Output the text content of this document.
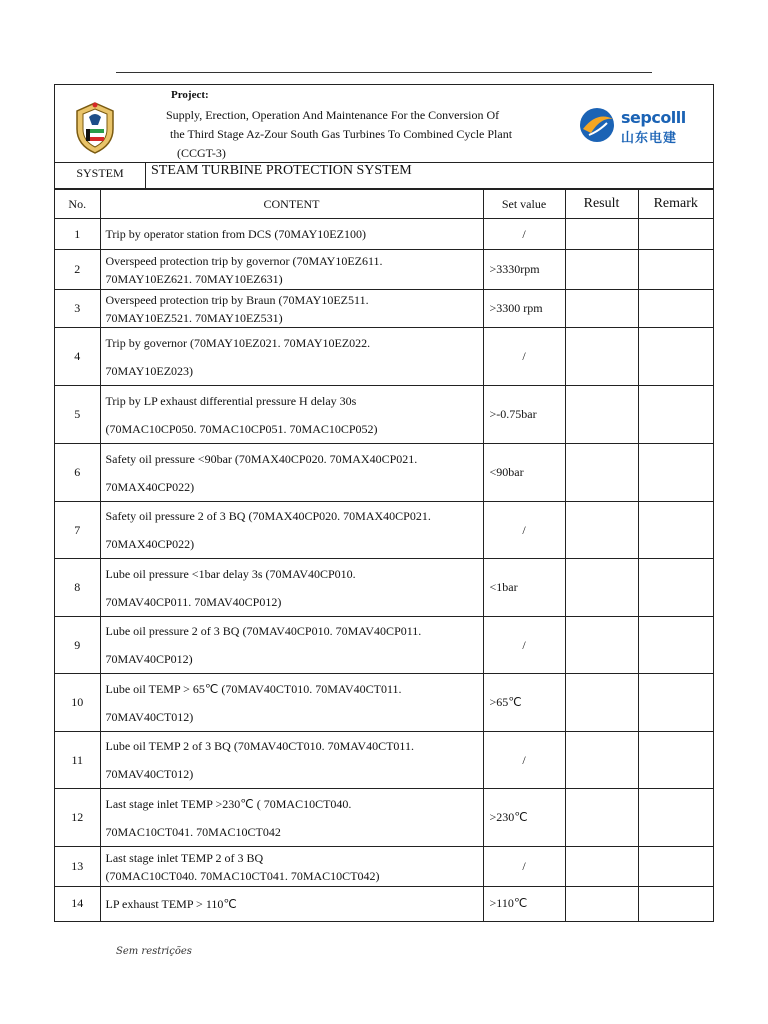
Project:
Supply, Erection, Operation And Maintenance For the Conversion Of
the Third Stage Az-Zour South Gas Turbines To Combined Cycle Plant
(CCGT-3)
sepcolll
山东电建
SYSTEM	STEAM TURBINE PROTECTION SYSTEM
No.	CONTENT	Set value	Result	Remark
1	Trip by operator station from DCS (70MAY10EZ100)	/		
2	Overspeed protection trip by governor (70MAY10EZ611.
70MAY10EZ621. 70MAY10EZ631)	>3330rpm		
3	Overspeed protection trip by Braun (70MAY10EZ511.
70MAY10EZ521. 70MAY10EZ531)	>3300 rpm		
4	Trip by governor (70MAY10EZ021. 70MAY10EZ022.
70MAY10EZ023)	/		
5	Trip by LP exhaust differential pressure H delay 30s
(70MAC10CP050. 70MAC10CP051. 70MAC10CP052)	>-0.75bar		
6	Safety oil pressure <90bar (70MAX40CP020. 70MAX40CP021.
70MAX40CP022)	<90bar		
7	Safety oil pressure 2 of 3 BQ (70MAX40CP020. 70MAX40CP021.
70MAX40CP022)	/		
8	Lube oil pressure <1bar delay 3s (70MAV40CP010.
70MAV40CP011. 70MAV40CP012)	<1bar		
9	Lube oil pressure 2 of 3 BQ (70MAV40CP010. 70MAV40CP011.
70MAV40CP012)	/		
10	Lube oil TEMP > 65℃ (70MAV40CT010. 70MAV40CT011.
70MAV40CT012)	>65℃		
11	Lube oil TEMP 2 of 3 BQ (70MAV40CT010. 70MAV40CT011.
70MAV40CT012)	/		
12	Last stage inlet TEMP >230℃ ( 70MAC10CT040.
70MAC10CT041. 70MAC10CT042	>230℃		
13	Last stage inlet TEMP 2 of 3 BQ
(70MAC10CT040. 70MAC10CT041. 70MAC10CT042)	/		
14	LP exhaust TEMP > 110℃	>110℃		
Sem restrições
